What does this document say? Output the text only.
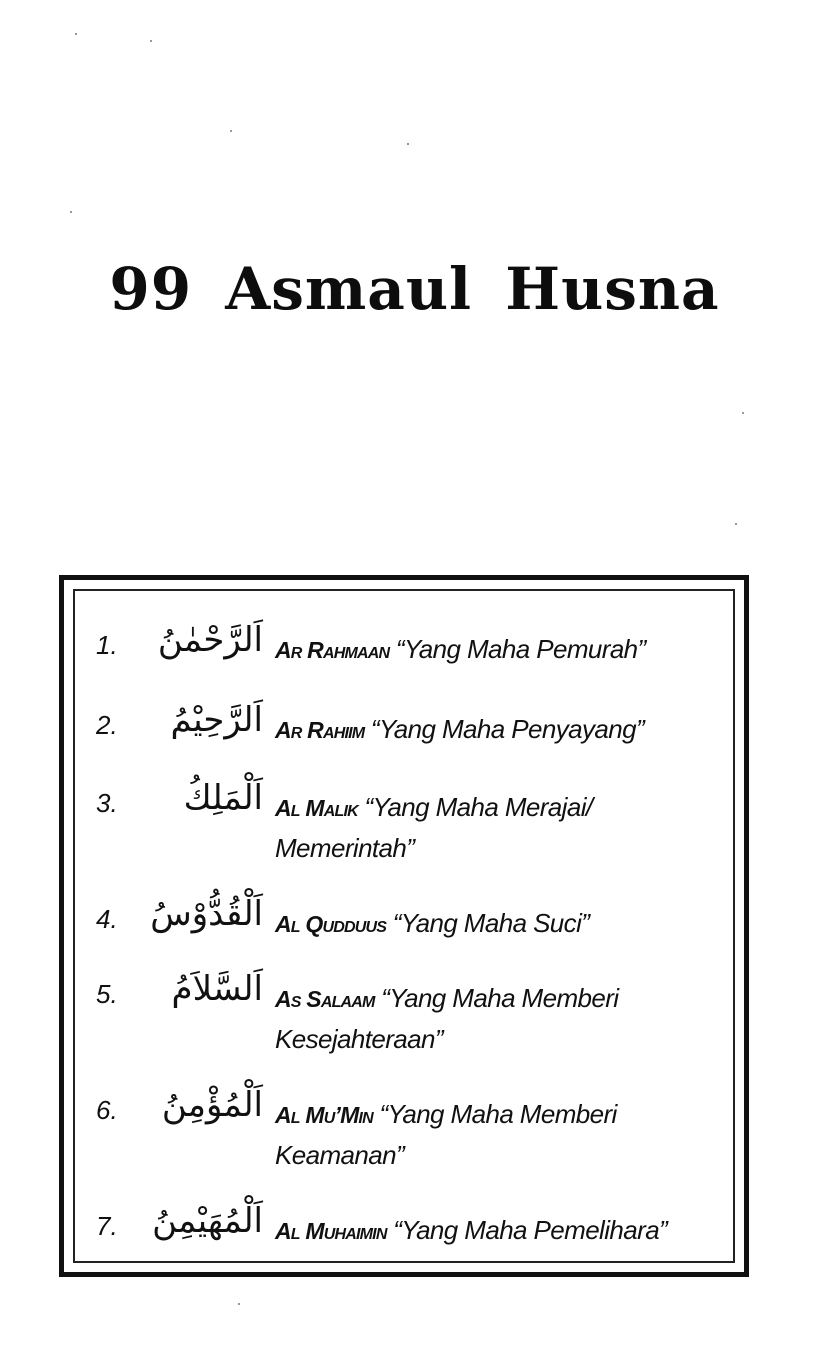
99 Asmaul Husna
1.	اَلرَّحْمٰنُ Ar Rahmaan “Yang Maha Pemurah”
2.	اَلرَّحِيْمُ Ar Rahiim “Yang Maha Penyayang”
3.	اَلْمَلِكُ Al Malik “Yang Maha Merajai/ Memerintah”
4. اَلْقُدُّوْسُ Al Qudduus “Yang Maha Suci”
5.	اَلسَّلاَمُ As Salaam “Yang Maha Memberi Kesejahteraan”
6.	اَلْمُؤْمِنُ Al Mu’Min “Yang Maha Memberi Keamanan”
7.	اَلْمُهَيْمِنُ Al Muhaimin “Yang Maha Pemelihara”
